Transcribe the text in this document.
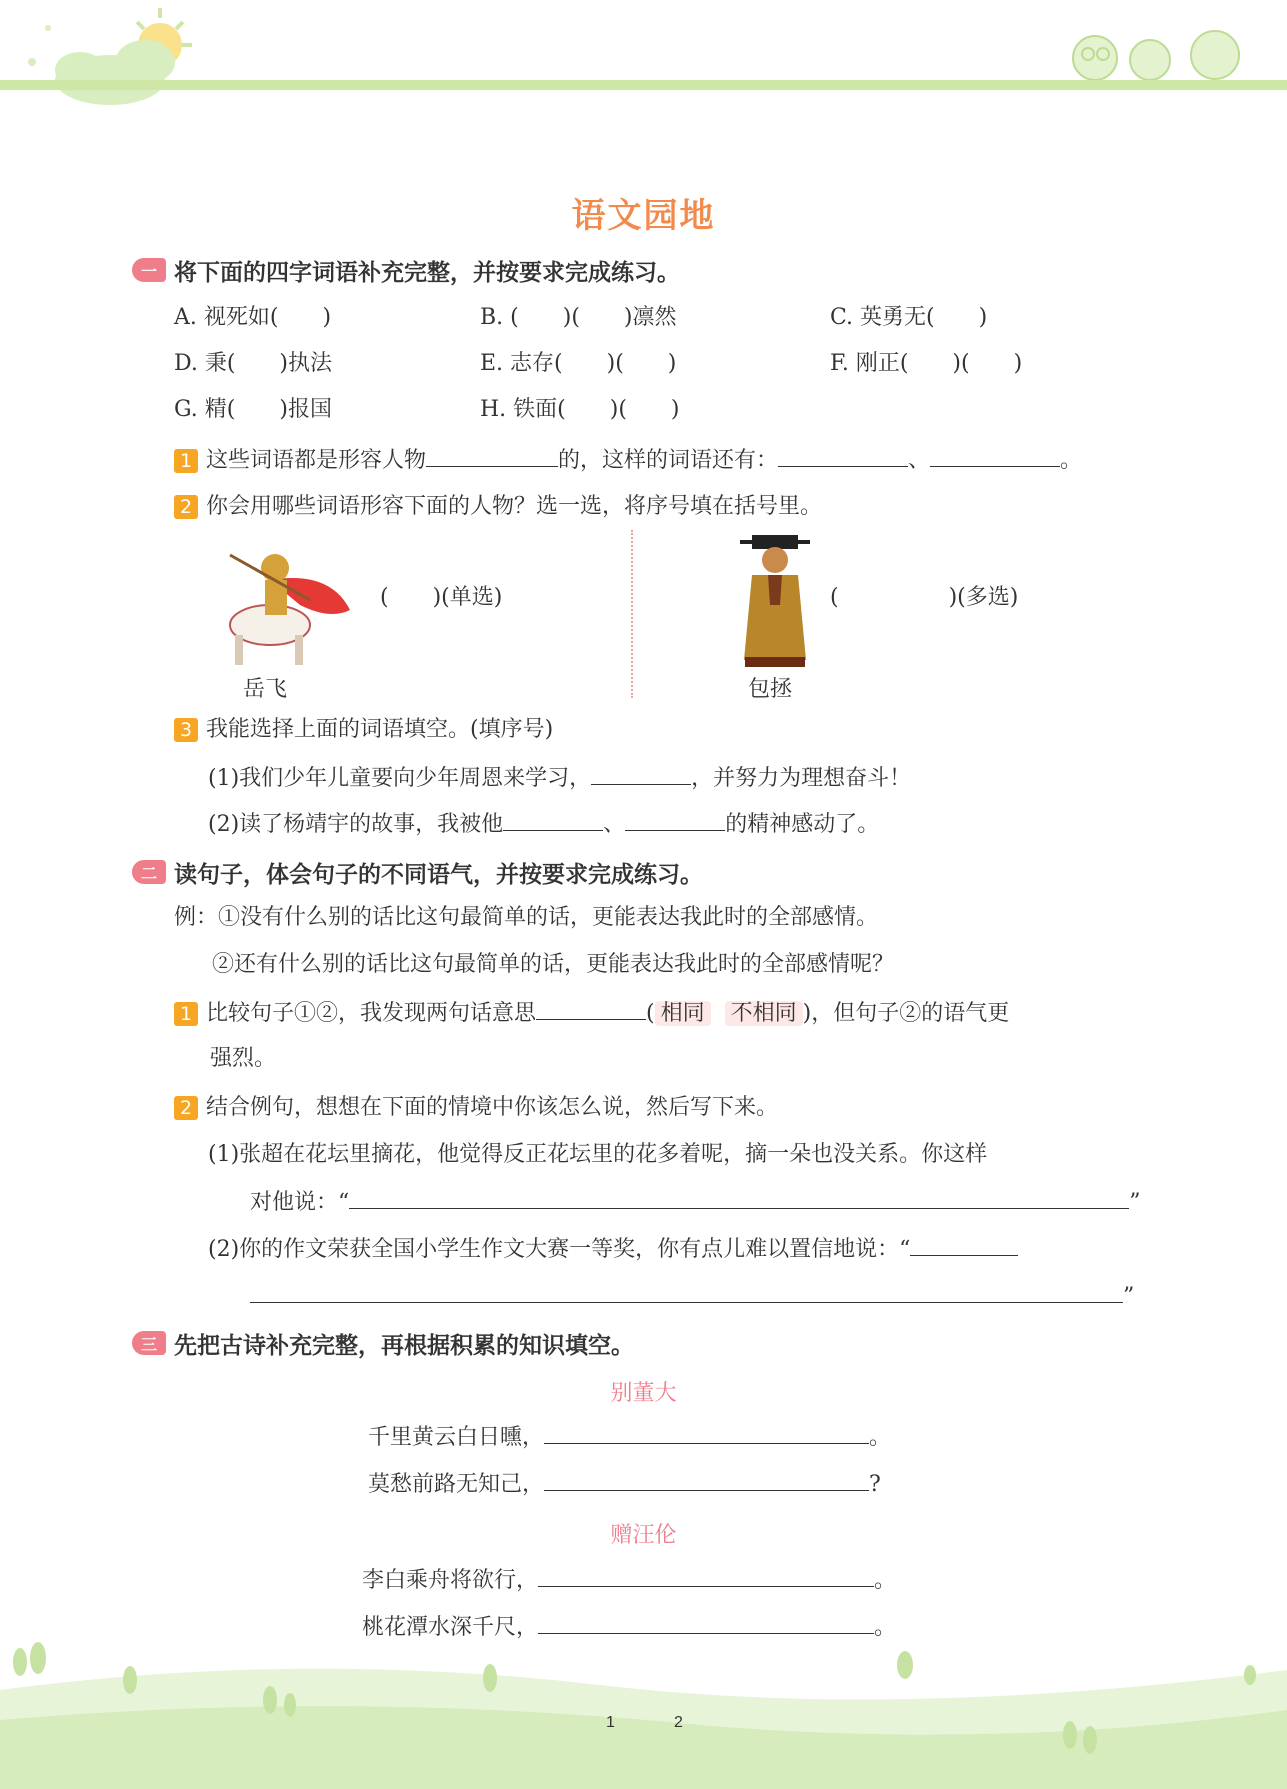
语文园地
一 将下面的四字词语补充完整，并按要求完成练习。
A. 视死如(　　)	B. (　　)(　　)凛然	C. 英勇无(　　)
D. 秉(　　)执法	E. 志存(　　)(　　)	F. 刚正(　　)(　　)
G. 精(　　)报国	H. 铁面(　　)(　　)
1 这些词语都是形容人物	的，这样的词语还有：	、	。
2 你会用哪些词语形容下面的人物？选一选，将序号填在括号里。
岳飞
(　　)(单选)
包拯
(　　　　　)(多选)
3 我能选择上面的词语填空。(填序号)
(1)我们少年儿童要向少年周恩来学习，	，并努力为理想奋斗！
(2)读了杨靖宇的故事，我被他	、	的精神感动了。
二 读句子，体会句子的不同语气，并按要求完成练习。
例：①没有什么别的话比这句最简单的话，更能表达我此时的全部感情。
②还有什么别的话比这句最简单的话，更能表达我此时的全部感情呢？
1 比较句子①②，我发现两句话意思	( 相同 不相同 )，但句子②的语气更
强烈。
2 结合例句，想想在下面的情境中你该怎么说，然后写下来。
(1)张超在花坛里摘花，他觉得反正花坛里的花多着呢，摘一朵也没关系。你这样
对他说：“	”
(2)你的作文荣获全国小学生作文大赛一等奖，你有点儿难以置信地说：“
”
三 先把古诗补充完整，再根据积累的知识填空。
别董大
千里黄云白日曛，	。
莫愁前路无知己，	?
赠汪伦
李白乘舟将欲行，	。
桃花潭水深千尺，	。
1	2
